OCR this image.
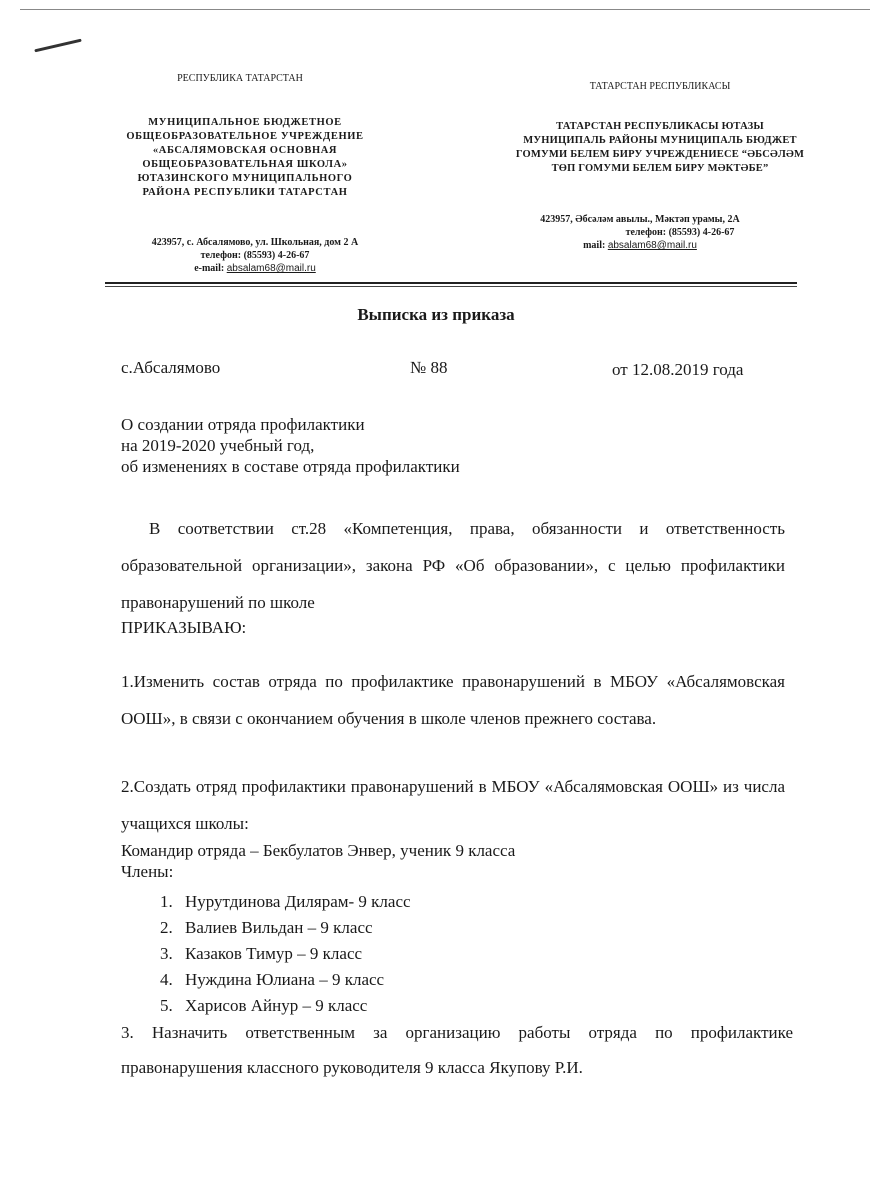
РЕСПУБЛИКА ТАТАРСТАН
МУНИЦИПАЛЬНОЕ БЮДЖЕТНОЕ
ОБЩЕОБРАЗОВАТЕЛЬНОЕ УЧРЕЖДЕНИЕ
«АБСАЛЯМОВСКАЯ ОСНОВНАЯ
ОБЩЕОБРАЗОВАТЕЛЬНАЯ ШКОЛА»
ЮТАЗИНСКОГО МУНИЦИПАЛЬНОГО
РАЙОНА РЕСПУБЛИКИ ТАТАРСТАН
423957, с. Абсалямово, ул. Школьная, дом 2 А
телефон: (85593) 4-26-67
e-mail: absalam68@mail.ru
ТАТАРСТАН РЕСПУБЛИКАСЫ
ТАТАРСТАН РЕСПУБЛИКАСЫ ЮТАЗЫ
МУНИЦИПАЛЬ РАЙОНЫ МУНИЦИПАЛЬ БЮДЖЕТ
ГОМУМИ БЕЛЕМ БИРУ УЧРЕЖДЕНИЕСЕ “ӘБСӘЛӘМ
ТӨП ГОМУМИ БЕЛЕМ БИРУ МӘКТӘБЕ”
423957, Әбсәләм авылы., Мәктәп урамы, 2А
телефон: (85593) 4-26-67
mail: absalam68@mail.ru
Выписка из приказа
с.Абсалямово	№ 88	от 12.08.2019 года
О создании отряда профилактики
на 2019-2020 учебный год,
об изменениях в составе отряда профилактики
В соответствии ст.28 «Компетенция, права, обязанности и ответственность образовательной организации», закона РФ «Об образовании», с целью профилактики правонарушений по школе
ПРИКАЗЫВАЮ:
1.Изменить состав отряда по профилактике правонарушений в МБОУ «Абсалямовская ООШ», в связи с окончанием обучения в школе членов прежнего состава.
2.Создать отряд профилактики правонарушений в МБОУ «Абсалямовская ООШ» из числа учащихся школы:
Командир отряда – Бекбулатов Энвер, ученик 9 класса
Члены:
1. Нурутдинова Дилярам- 9 класс
2. Валиев Вильдан – 9 класс
3. Казаков Тимур – 9 класс
4. Нуждина Юлиана – 9 класс
5. Харисов Айнур – 9 класс
3. Назначить ответственным за организацию работы отряда по профилактике правонарушения классного руководителя 9 класса Якупову Р.И.
